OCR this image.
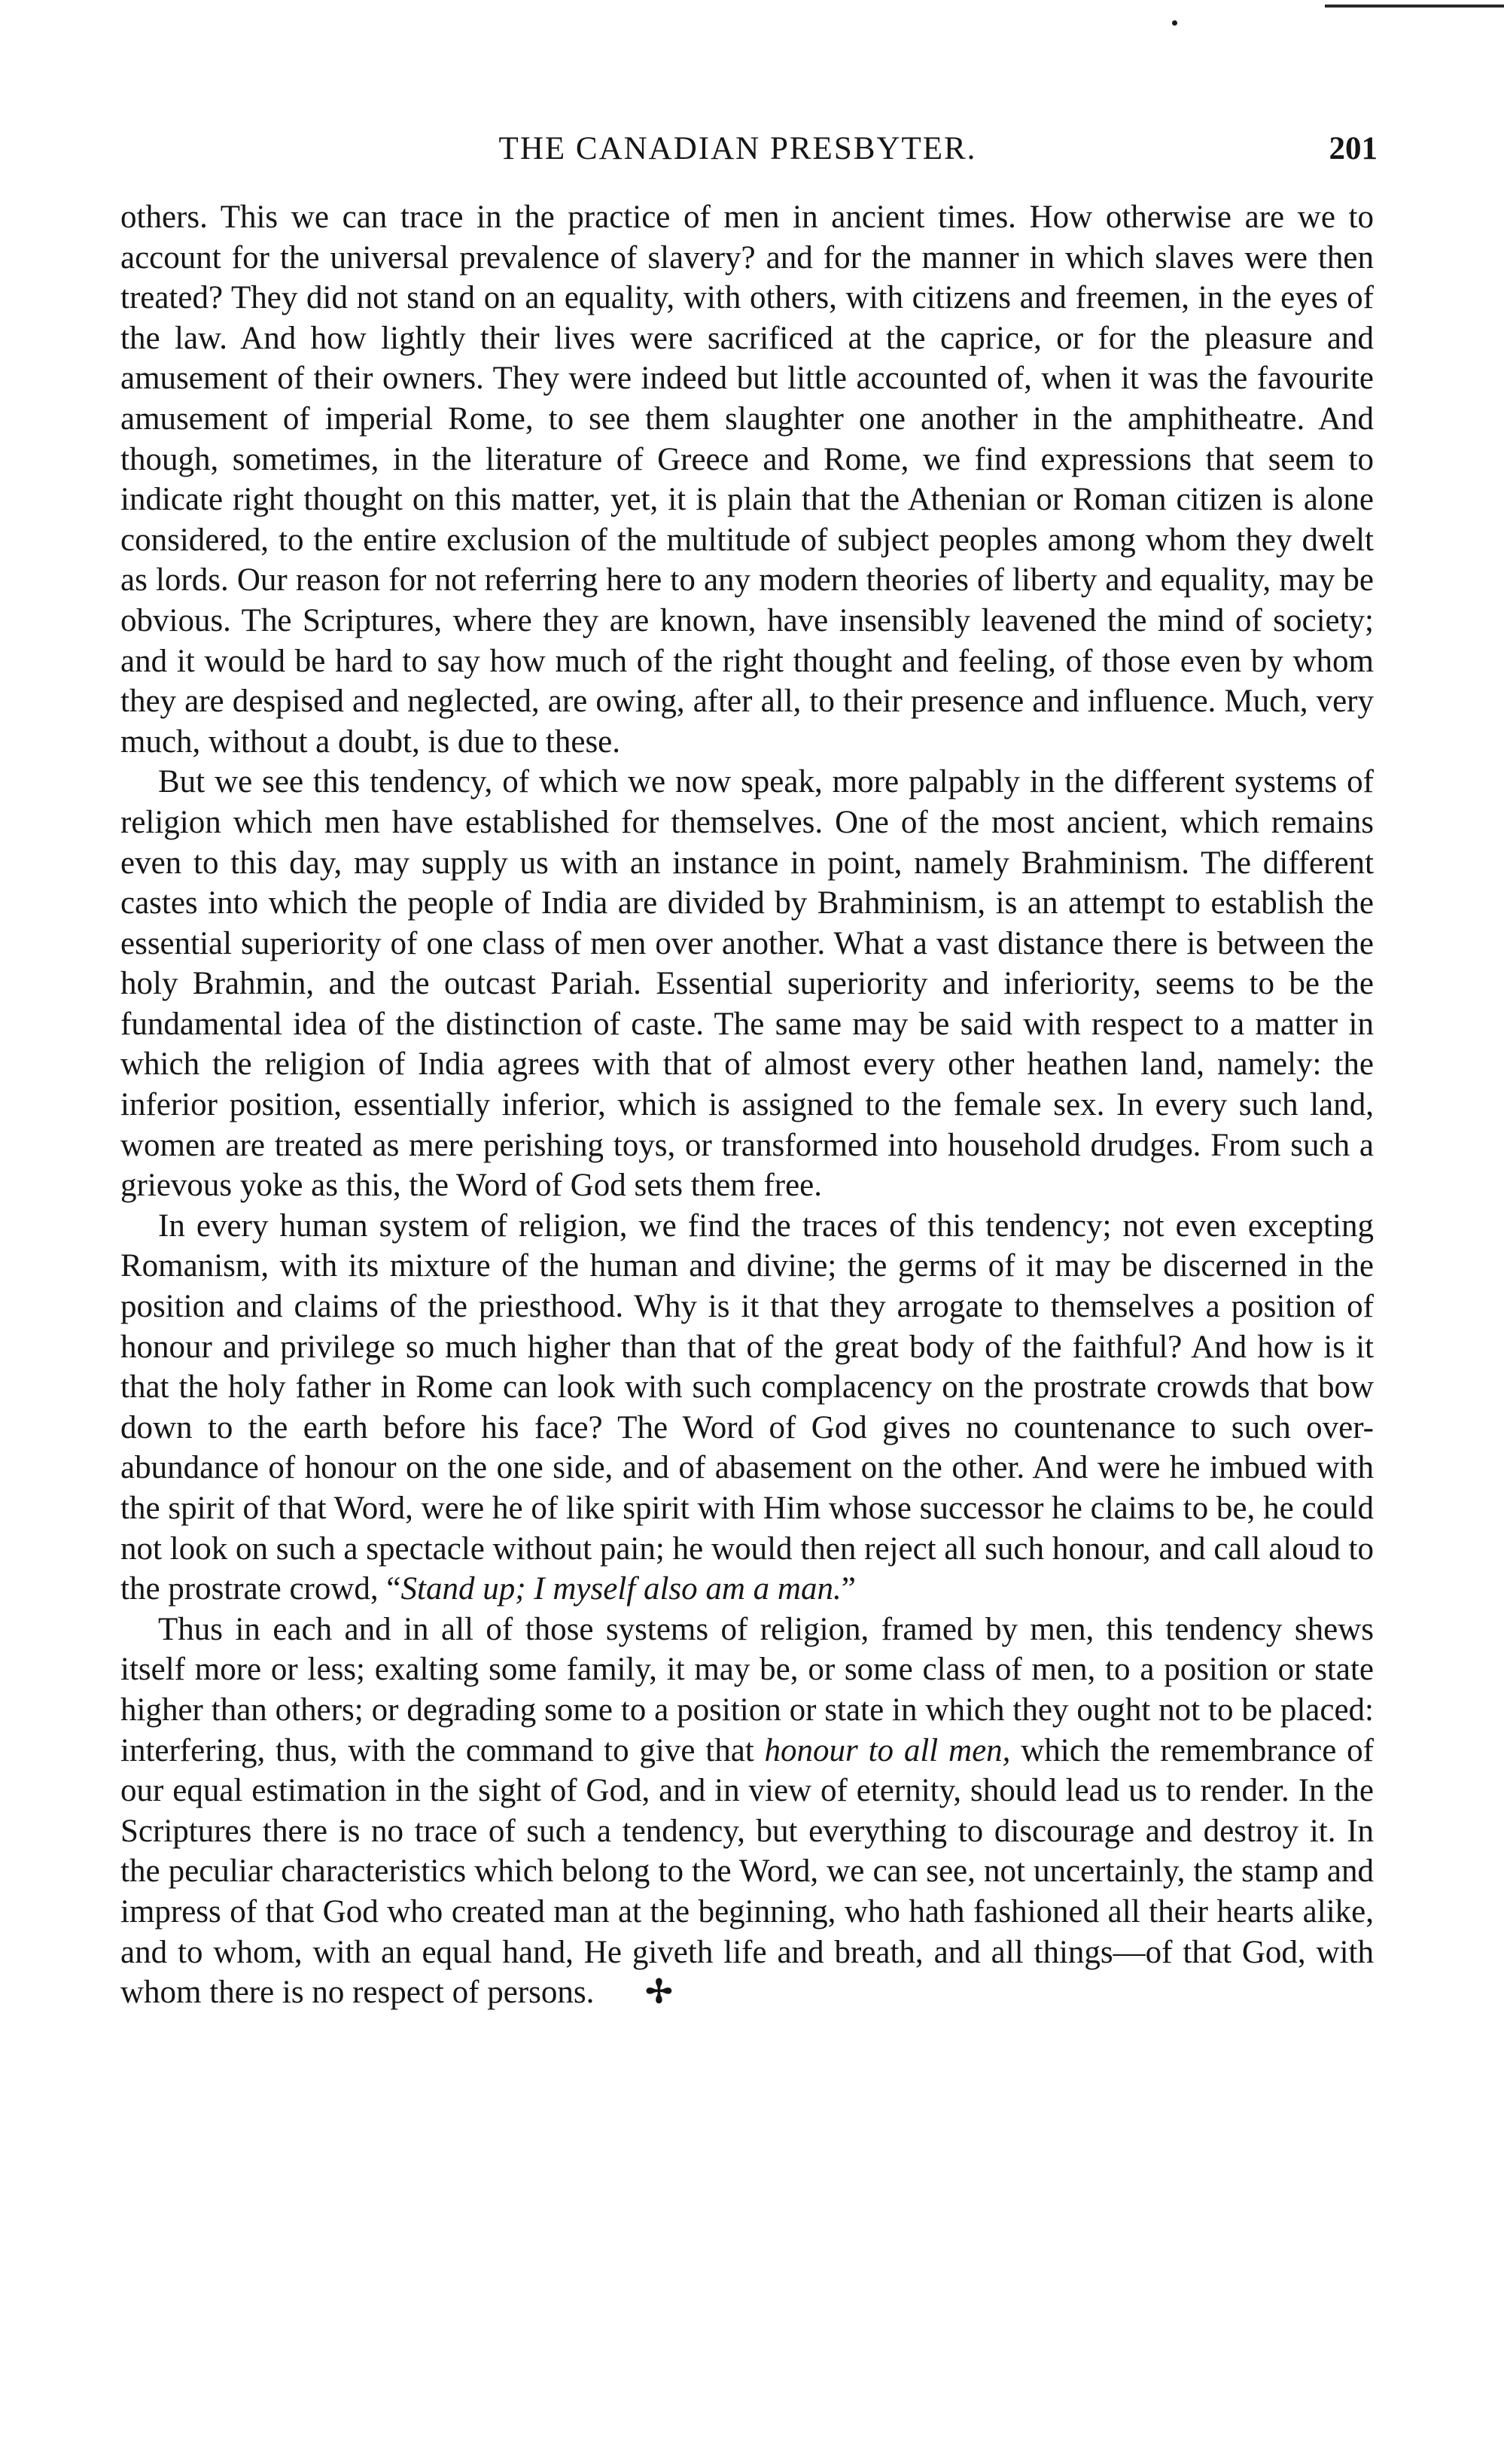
THE CANADIAN PRESBYTER.	201

others. This we can trace in the practice of men in ancient times. How otherwise are we to account for the universal prevalence of slavery? and for the manner in which slaves were then treated? They did not stand on an equality, with others, with citizens and freemen, in the eyes of the law. And how lightly their lives were sacrificed at the caprice, or for the pleasure and amusement of their owners. They were indeed but little accounted of, when it was the favourite amusement of imperial Rome, to see them slaughter one another in the amphitheatre. And though, sometimes, in the literature of Greece and Rome, we find expressions that seem to indicate right thought on this matter, yet, it is plain that the Athenian or Roman citizen is alone considered, to the entire exclusion of the multitude of subject peoples among whom they dwelt as lords. Our reason for not referring here to any modern theories of liberty and equality, may be obvious. The Scriptures, where they are known, have insensibly leavened the mind of society; and it would be hard to say how much of the right thought and feeling, of those even by whom they are despised and neglected, are owing, after all, to their presence and influence. Much, very much, without a doubt, is due to these.

But we see this tendency, of which we now speak, more palpably in the different systems of religion which men have established for themselves. One of the most ancient, which remains even to this day, may supply us with an instance in point, namely Brahminism. The different castes into which the people of India are divided by Brahminism, is an attempt to establish the essential superiority of one class of men over another. What a vast distance there is between the holy Brahmin, and the outcast Pariah. Essential superiority and inferiority, seems to be the fundamental idea of the distinction of caste. The same may be said with respect to a matter in which the religion of India agrees with that of almost every other heathen land, namely: the inferior position, essentially inferior, which is assigned to the female sex. In every such land, women are treated as mere perishing toys, or transformed into household drudges. From such a grievous yoke as this, the Word of God sets them free.

In every human system of religion, we find the traces of this tendency; not even excepting Romanism, with its mixture of the human and divine; the germs of it may be discerned in the position and claims of the priesthood. Why is it that they arrogate to themselves a position of honour and privilege so much higher than that of the great body of the faithful? And how is it that the holy father in Rome can look with such complacency on the prostrate crowds that bow down to the earth before his face? The Word of God gives no countenance to such over-abundance of honour on the one side, and of abasement on the other. And were he imbued with the spirit of that Word, were he of like spirit with Him whose successor he claims to be, he could not look on such a spectacle without pain; he would then reject all such honour, and call aloud to the prostrate crowd, “Stand up; I myself also am a man.”

Thus in each and in all of those systems of religion, framed by men, this tendency shews itself more or less; exalting some family, it may be, or some class of men, to a position or state higher than others; or degrading some to a position or state in which they ought not to be placed: interfering, thus, with the command to give that honour to all men, which the remembrance of our equal estimation in the sight of God, and in view of eternity, should lead us to render. In the Scriptures there is no trace of such a tendency, but everything to discourage and destroy it. In the peculiar characteristics which belong to the Word, we can see, not uncertainly, the stamp and impress of that God who created man at the beginning, who hath fashioned all their hearts alike, and to whom, with an equal hand, He giveth life and breath, and all things—of that God, with whom there is no respect of persons. ✢
